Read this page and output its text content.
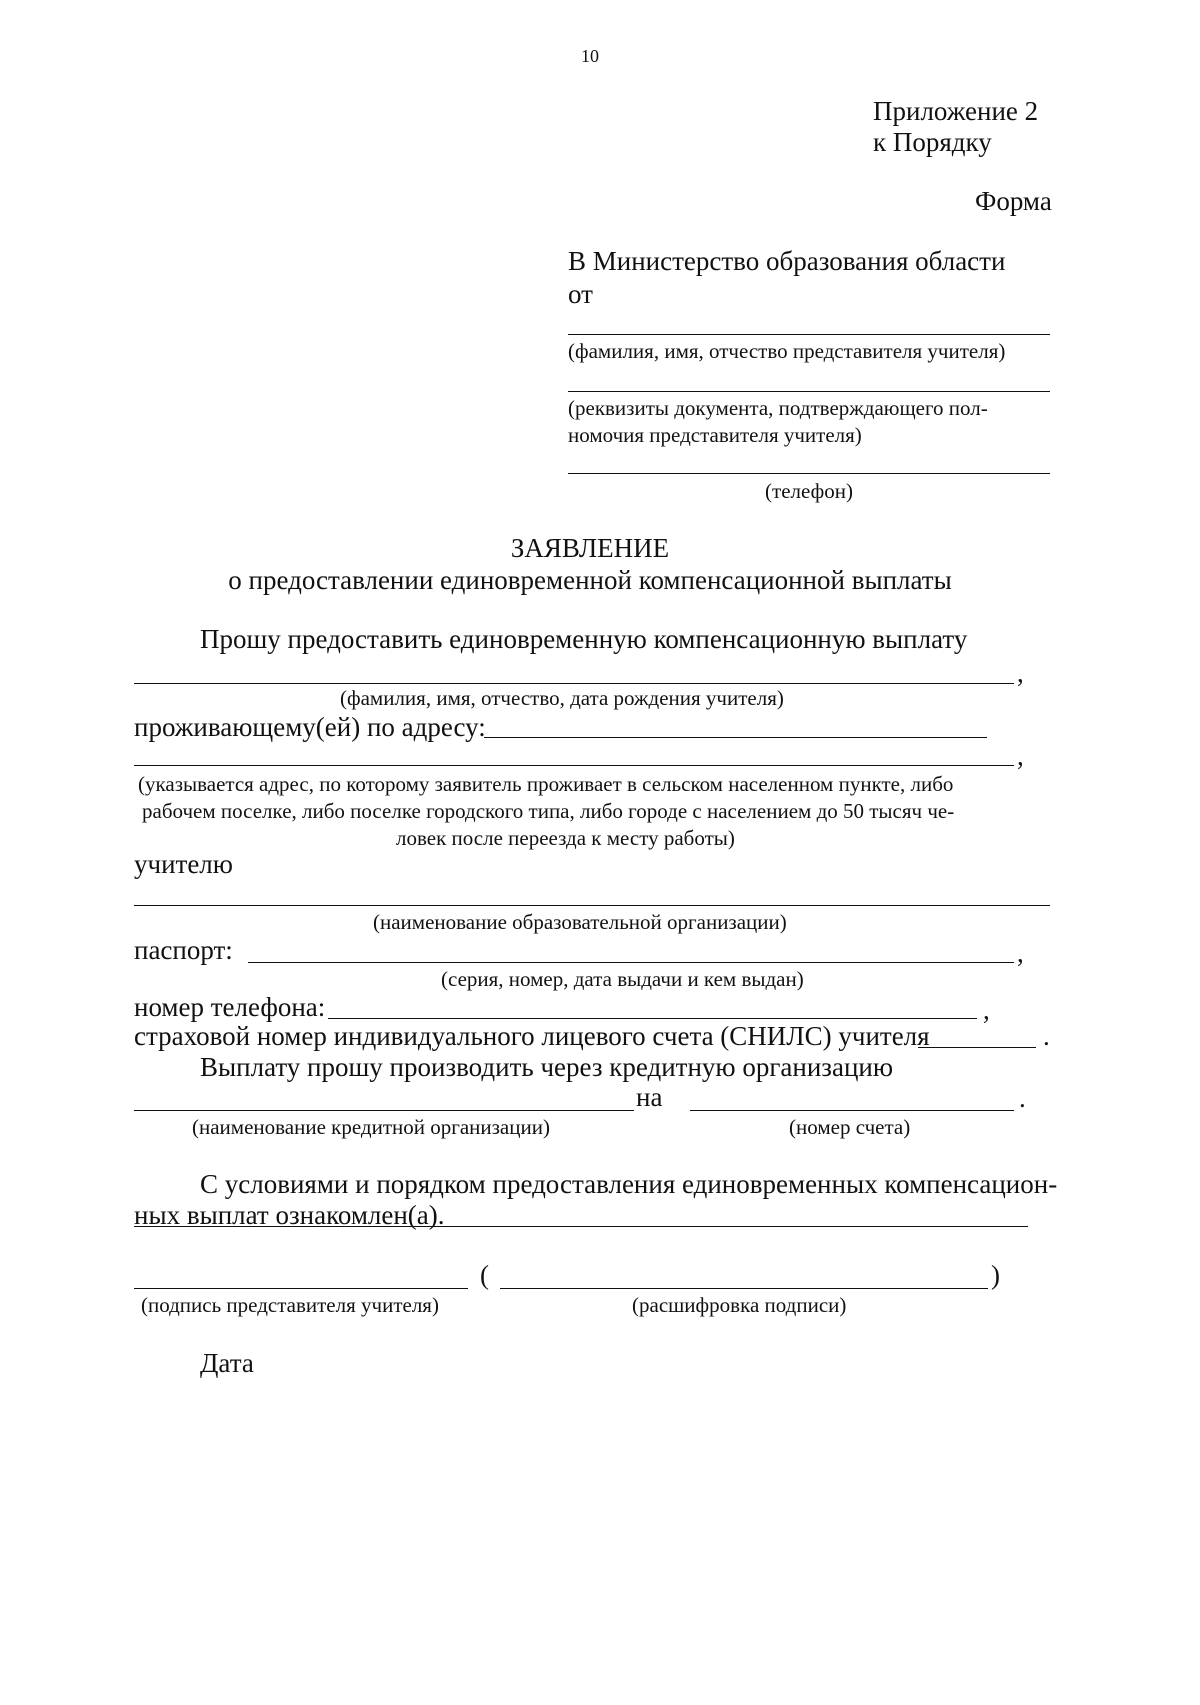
10
Приложение 2
к Порядку
Форма
В Министерство образования области
от
(фамилия, имя, отчество представителя учителя)
(реквизиты документа, подтверждающего пол-
номочия представителя учителя)
(телефон)
ЗАЯВЛЕНИЕ
о предоставлении единовременной компенсационной выплаты
Прошу предоставить единовременную компенсационную выплату
,
(фамилия, имя, отчество, дата рождения учителя)
проживающему(ей) по адресу:
,
(указывается адрес, по которому заявитель проживает в сельском населенном пункте, либо
рабочем поселке, либо поселке городского типа, либо городе с населением до 50 тысяч че-
ловек после переезда к месту работы)
учителю
(наименование образовательной организации)
паспорт:	,
(серия, номер, дата выдачи и кем выдан)
номер телефона:	,
страховой номер индивидуального лицевого счета (СНИЛС) учителя	.
Выплату прошу производить через кредитную организацию
на	.
(наименование кредитной организации)	(номер счета)
С условиями и порядком предоставления единовременных компенсацион-
ных выплат ознакомлен(а).
(	)
(подпись представителя учителя)	(расшифровка подписи)
Дата
